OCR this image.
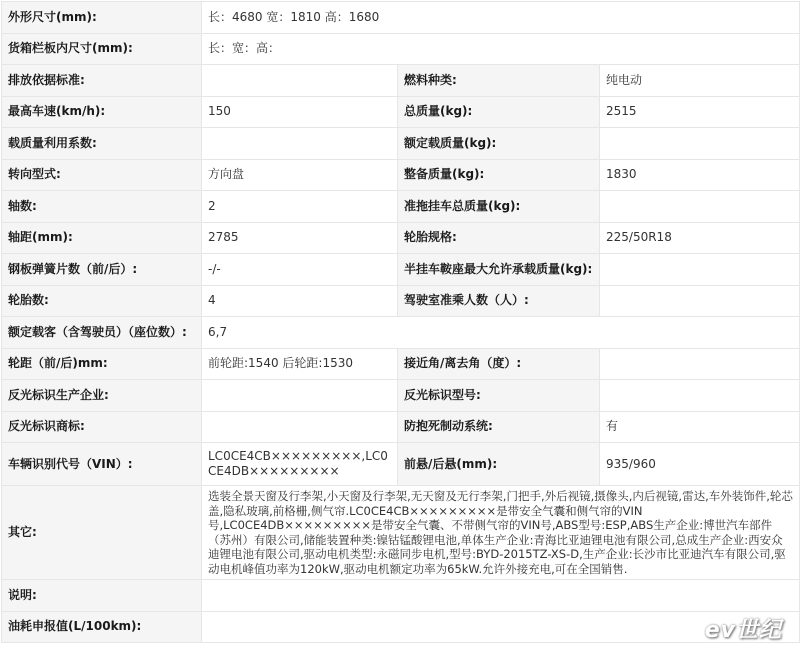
外形尺寸(mm):	长：4680 宽：1810 高：1680		
货箱栏板内尺寸(mm):	长：宽：高：		
排放依据标准:		燃料种类:	纯电动
最高车速(km/h):	150	总质量(kg):	2515
载质量利用系数:		额定载质量(kg):	
转向型式:	方向盘	整备质量(kg):	1830
轴数:	2	准拖挂车总质量(kg):	
轴距(mm):	2785	轮胎规格:	225/50R18
钢板弹簧片数（前/后）:	-/-	半挂车鞍座最大允许承载质量(kg):	
轮胎数:	4	驾驶室准乘人数（人）:	
额定载客（含驾驶员）（座位数）:	6,7		
轮距（前/后)mm:	前轮距:1540 后轮距:1530	接近角/离去角（度）:	
反光标识生产企业:		反光标识型号:	
反光标识商标:		防抱死制动系统:	有
车辆识别代号（VIN）:	LC0CE4CB×××××××××,LC0CE4DB×××××××××	前悬/后悬(mm):	935/960
其它:	选装全景天窗及行李架,小天窗及行李架,无天窗及无行李架,门把手,外后视镜,摄像头,内后视镜,雷达,车外装饰件,轮芯盖,隐私玻璃,前格栅,侧气帘.LC0CE4CB×××××××××是带安全气囊和侧气帘的VIN号,LC0CE4DB×××××××××是带安全气囊、不带侧气帘的VIN号,ABS型号:ESP,ABS生产企业:博世汽车部件（苏州）有限公司,储能装置种类:镍钴锰酸锂电池,单体生产企业:青海比亚迪锂电池有限公司,总成生产企业:西安众迪锂电池有限公司,驱动电机类型:永磁同步电机,型号:BYD-2015TZ-XS-D,生产企业:长沙市比亚迪汽车有限公司,驱动电机峰值功率为120kW,驱动电机额定功率为65kW.允许外接充电,可在全国销售.		
说明:			
油耗申报值(L/100km):				ev世纪
